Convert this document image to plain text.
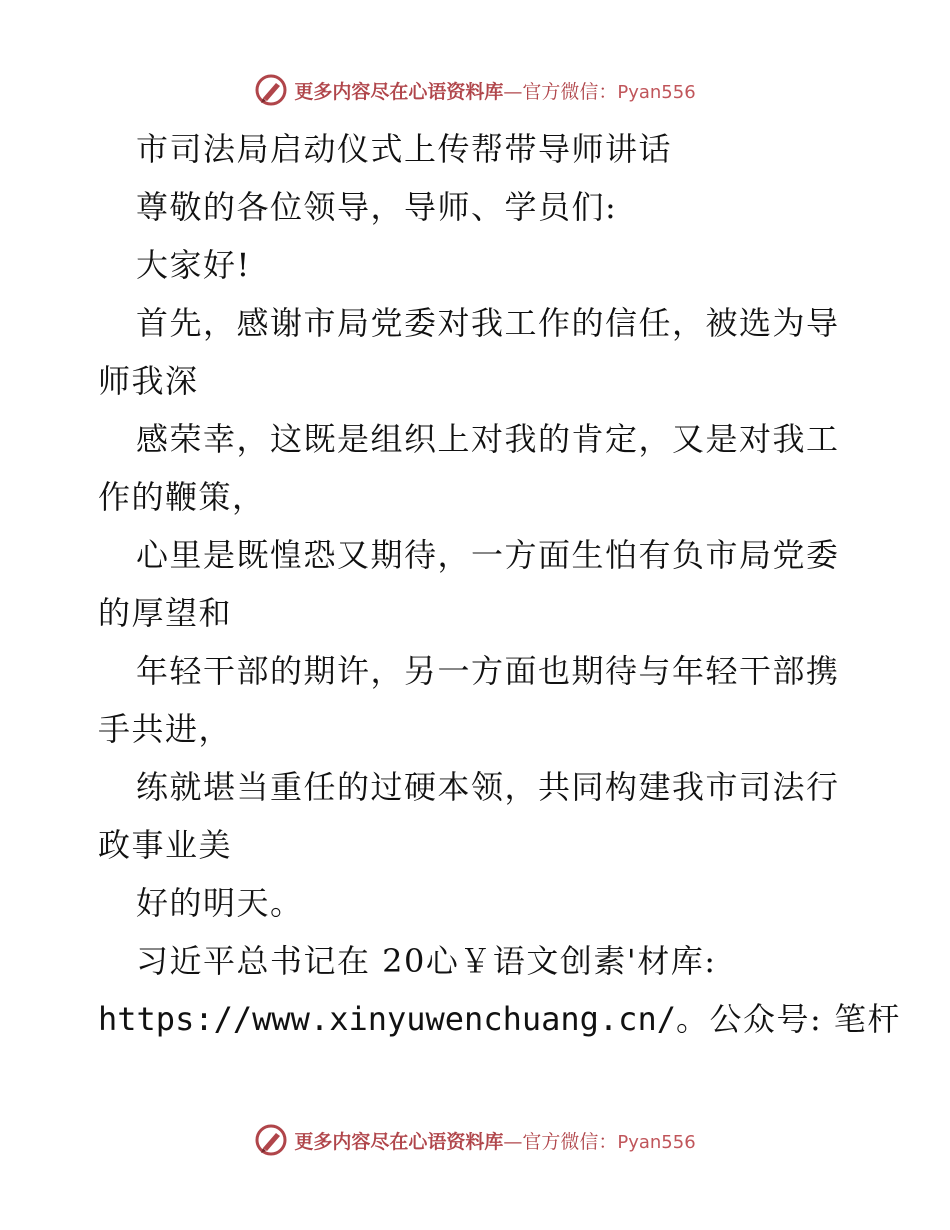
更多内容尽在心语资料库—官方微信：Pyan556
市司法局启动仪式上传帮带导师讲话
尊敬的各位领导，导师、学员们:
大家好!
首先，感谢市局党委对我工作的信任，被选为导
师我深
感荣幸，这既是组织上对我的肯定，又是对我工
作的鞭策，
心里是既惶恐又期待，一方面生怕有负市局党委
的厚望和
年轻干部的期许，另一方面也期待与年轻干部携
手共进，
练就堪当重任的过硬本领，共同构建我市司法行
政事业美
好的明天。
习近平总书记在 20心￥语文创素'材库:
https://www.xinyuwenchuang.cn/。公众号: 笔杆
更多内容尽在心语资料库—官方微信：Pyan556
